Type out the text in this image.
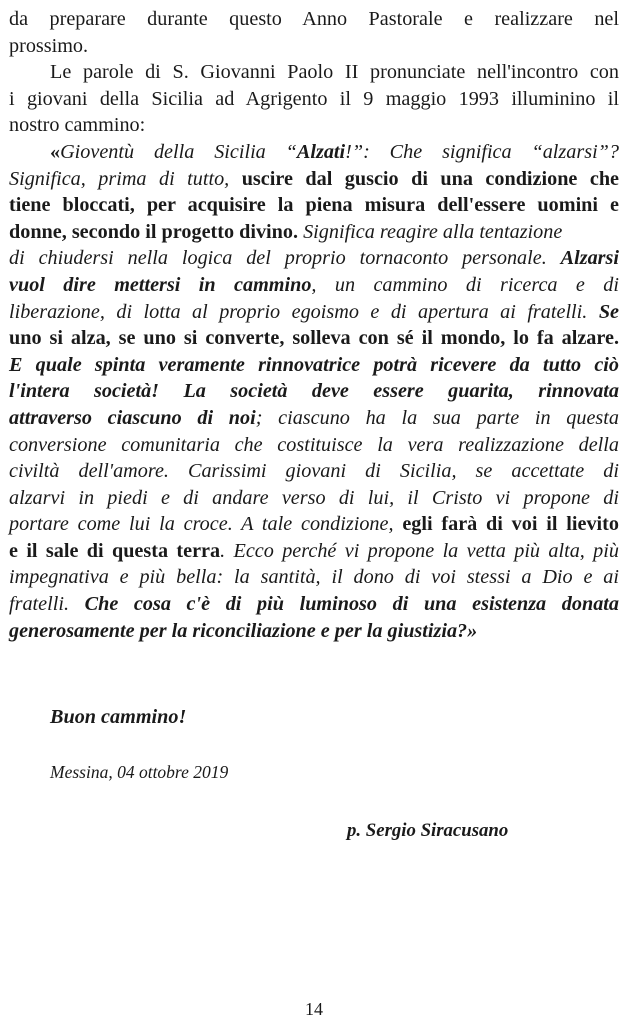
da preparare durante questo Anno Pastorale e realizzare nel
prossimo.
Le parole di S. Giovanni Paolo II pronunciate nell'incontro con
i giovani della Sicilia ad Agrigento il 9 maggio 1993 illuminino il
nostro cammino:
«Gioventù della Sicilia “Alzati!”: Che significa “alzarsi”?
Significa, prima di tutto, uscire dal guscio di una condizione che
tiene bloccati, per acquisire la piena misura dell'essere uomini e
donne, secondo il progetto divino. Significa reagire alla tentazione
di chiudersi nella logica del proprio tornaconto personale. Alzarsi
vuol dire mettersi in cammino, un cammino di ricerca e di
liberazione, di lotta al proprio egoismo e di apertura ai fratelli. Se
uno si alza, se uno si converte, solleva con sé il mondo, lo fa alzare.
E quale spinta veramente rinnovatrice potrà ricevere da tutto ciò
l'intera società! La società deve essere guarita, rinnovata
attraverso ciascuno di noi; ciascuno ha la sua parte in questa
conversione comunitaria che costituisce la vera realizzazione della
civiltà dell'amore. Carissimi giovani di Sicilia, se accettate di
alzarvi in piedi e di andare verso di lui, il Cristo vi propone di
portare come lui la croce. A tale condizione, egli farà di voi il lievito
e il sale di questa terra. Ecco perché vi propone la vetta più alta, più
impegnativa e più bella: la santità, il dono di voi stessi a Dio e ai
fratelli. Che cosa c'è di più luminoso di una esistenza donata
generosamente per la riconciliazione e per la giustizia?»
Buon cammino!
Messina, 04 ottobre 2019
p. Sergio Siracusano
14
